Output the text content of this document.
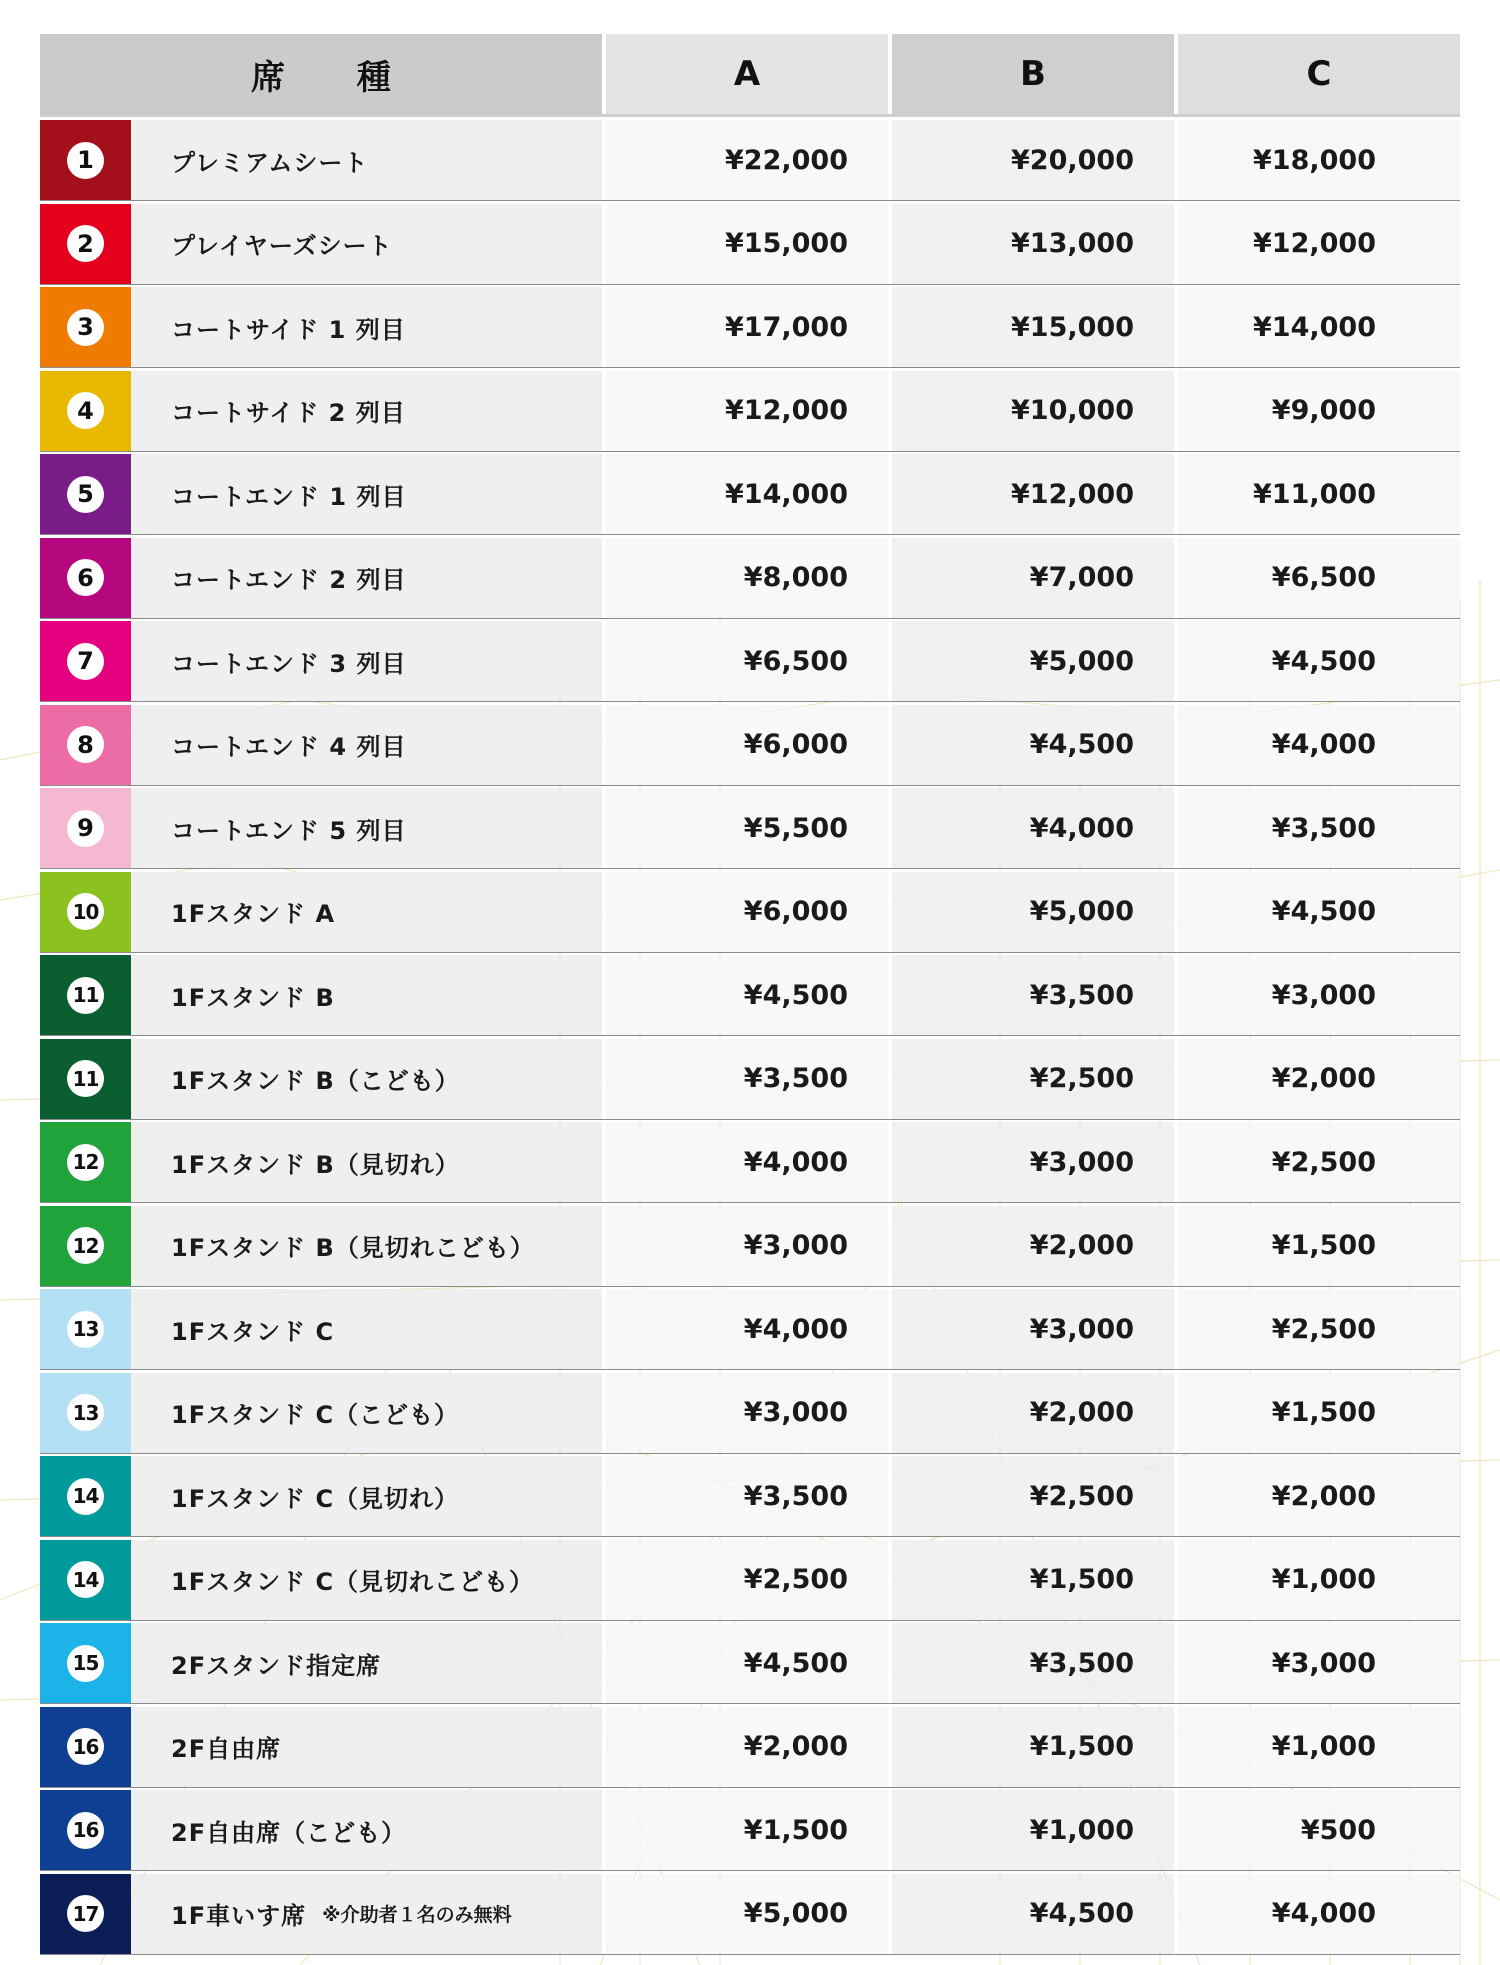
席 種	A	B	C
1	プレミアムシート	¥22,000	¥20,000	¥18,000
2	プレイヤーズシート	¥15,000	¥13,000	¥12,000
3	コートサイド 1 列目	¥17,000	¥15,000	¥14,000
4	コートサイド 2 列目	¥12,000	¥10,000	¥9,000
5	コートエンド 1 列目	¥14,000	¥12,000	¥11,000
6	コートエンド 2 列目	¥8,000	¥7,000	¥6,500
7	コートエンド 3 列目	¥6,500	¥5,000	¥4,500
8	コートエンド 4 列目	¥6,000	¥4,500	¥4,000
9	コートエンド 5 列目	¥5,500	¥4,000	¥3,500
10	1Fスタンド A	¥6,000	¥5,000	¥4,500
11	1Fスタンド B	¥4,500	¥3,500	¥3,000
11	1Fスタンド B（こども）	¥3,500	¥2,500	¥2,000
12	1Fスタンド B（見切れ）	¥4,000	¥3,000	¥2,500
12	1Fスタンド B（見切れこども）	¥3,000	¥2,000	¥1,500
13	1Fスタンド C	¥4,000	¥3,000	¥2,500
13	1Fスタンド C（こども）	¥3,000	¥2,000	¥1,500
14	1Fスタンド C（見切れ）	¥3,500	¥2,500	¥2,000
14	1Fスタンド C（見切れこども）	¥2,500	¥1,500	¥1,000
15	2Fスタンド指定席	¥4,500	¥3,500	¥3,000
16	2F自由席	¥2,000	¥1,500	¥1,000
16	2F自由席（こども）	¥1,500	¥1,000	¥500
17	1F車いす席 ※介助者１名のみ無料	¥5,000	¥4,500	¥4,000
